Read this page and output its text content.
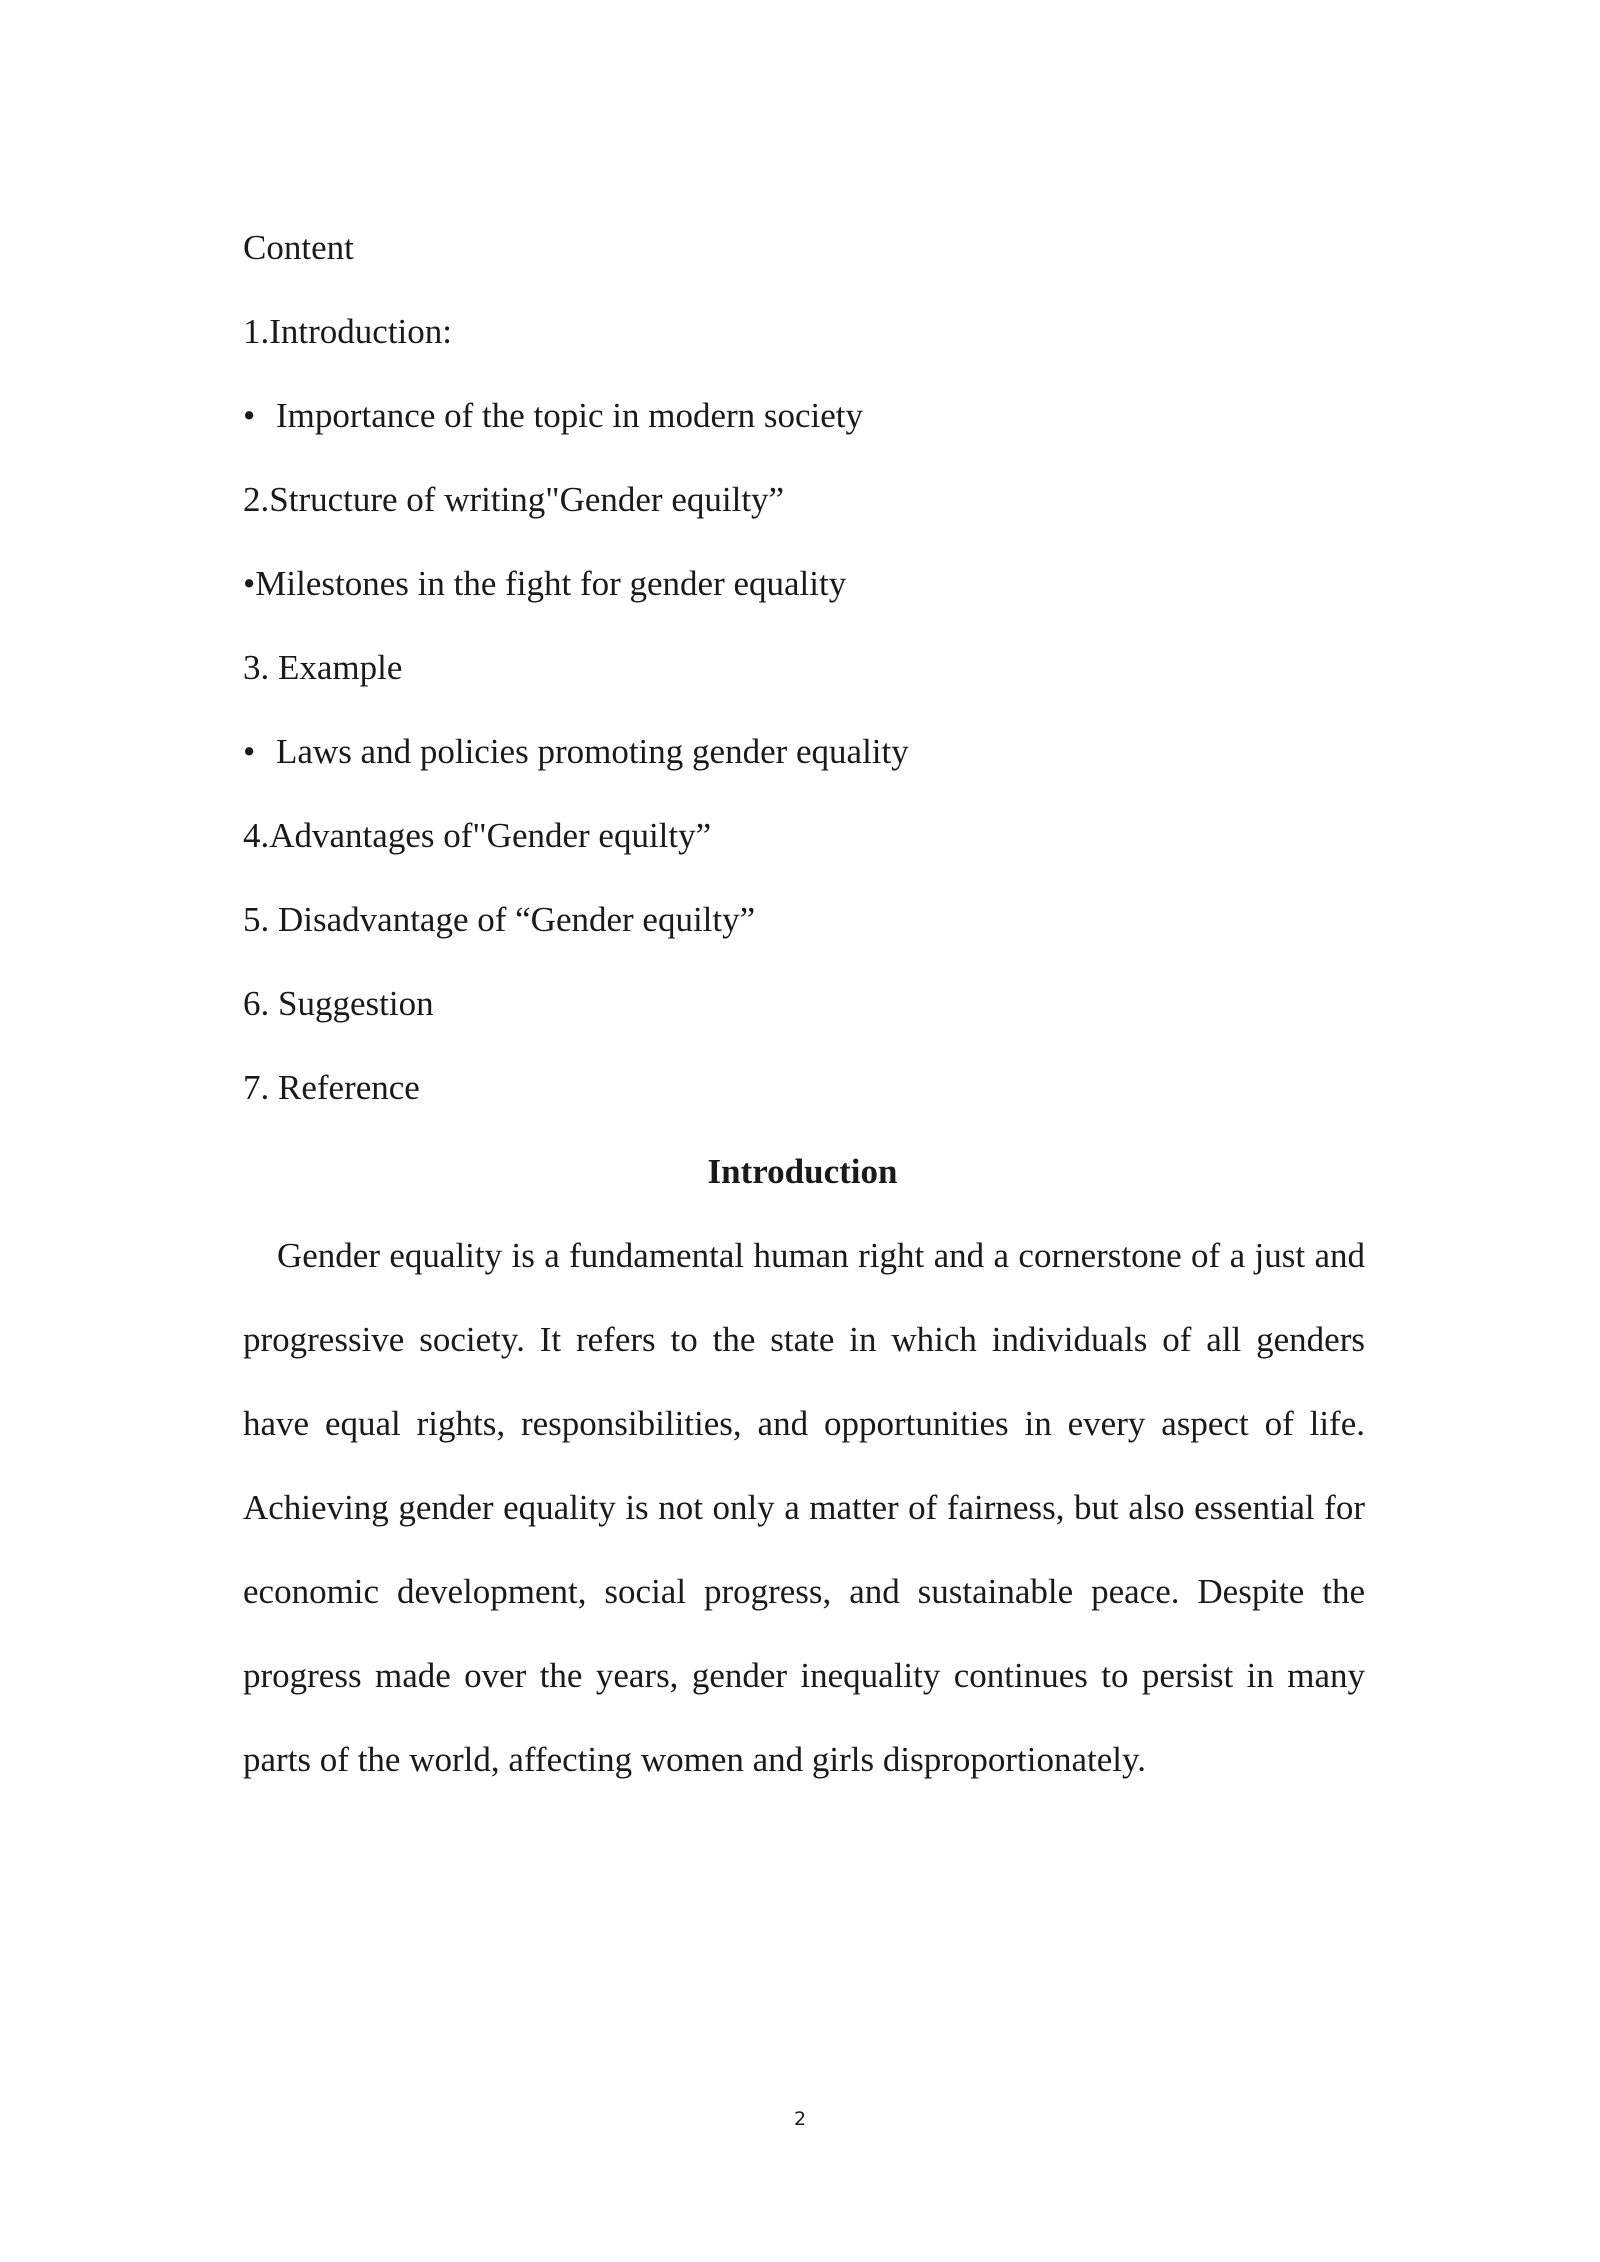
Content
1.Introduction:
• Importance of the topic in modern society
2.Structure of writing"Gender equilty”
•Milestones in the fight for gender equality
3. Example
• Laws and policies promoting gender equality
4.Advantages of"Gender equilty”
5. Disadvantage of “Gender equilty”
6. Suggestion
7. Reference
Introduction

Gender equality is a fundamental human right and a cornerstone of a just and progressive society. It refers to the state in which individuals of all genders have equal rights, responsibilities, and opportunities in every aspect of life. Achieving gender equality is not only a matter of fairness, but also essential for economic development, social progress, and sustainable peace. Despite the progress made over the years, gender inequality continues to persist in many parts of the world, affecting women and girls disproportionately.

2
